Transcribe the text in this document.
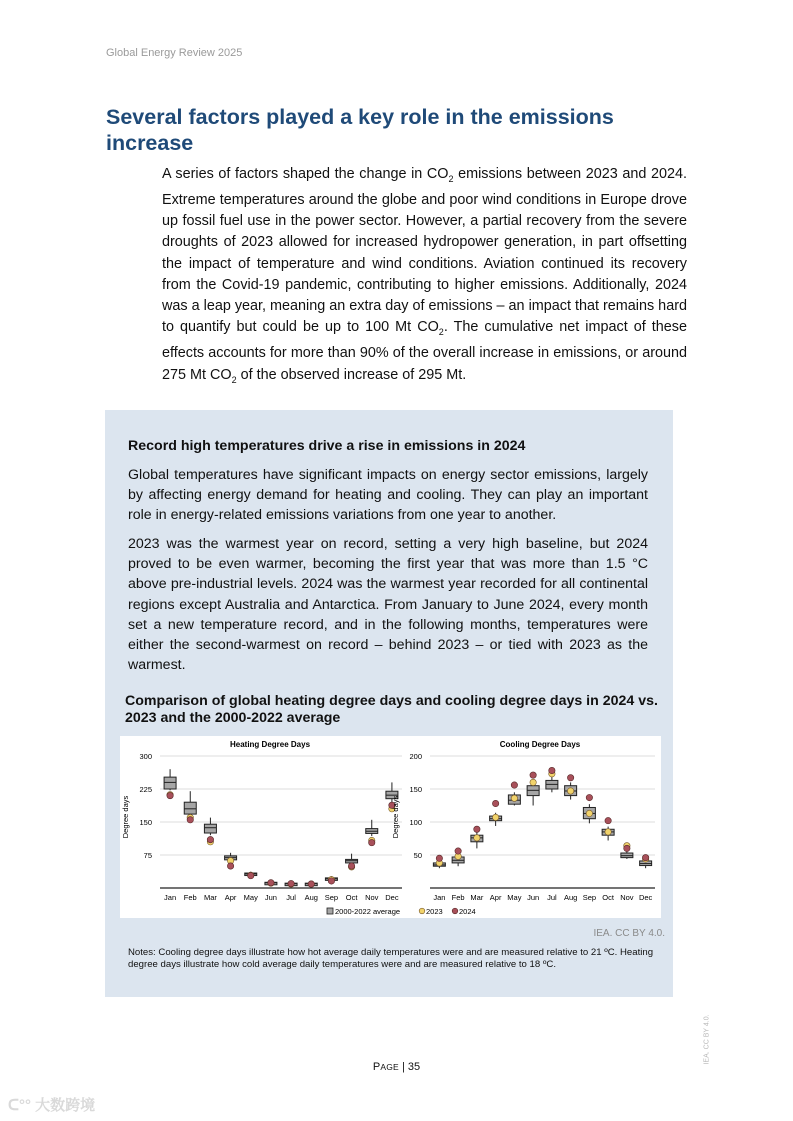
Global Energy Review 2025
Several factors played a key role in the emissions increase

A series of factors shaped the change in $CO_2$ emissions between 2023 and 2024. Extreme temperatures around the globe and poor wind conditions in Europe drove up fossil fuel use in the power sector. However, a partial recovery from the severe droughts of 2023 allowed for increased hydropower generation, in part offsetting the impact of temperature and wind conditions. Aviation continued its recovery from the Covid-19 pandemic, contributing to higher emissions. Additionally, 2024 was a leap year, meaning an extra day of emissions – an impact that remains hard to quantify but could be up to 100 Mt $CO_2$. The cumulative net impact of these effects accounts for more than 90% of the overall increase in emissions, or around 275 Mt $CO_2$ of the observed increase of 295 Mt.

Record high temperatures drive a rise in emissions in 2024

Global temperatures have significant impacts on energy sector emissions, largely by affecting energy demand for heating and cooling. They can play an important role in energy-related emissions variations from one year to another.

2023 was the warmest year on record, setting a very high baseline, but 2024 proved to be even warmer, becoming the first year that was more than 1.5 °C above pre-industrial levels. 2024 was the warmest year recorded for all continental regions except Australia and Antarctica. From January to June 2024, every month set a new temperature record, and in the following months, temperatures were either the second-warmest on record – behind 2023 – or tied with 2023 as the warmest.

Comparison of global heating degree days and cooling degree days in 2024 vs. 2023 and the 2000-2022 average
Heating Degree Days
Degree days
75
150
225
300
Jan Feb Mar Apr May Jun Jul Aug Sep Oct Nov Dec
Cooling Degree Days
Degree days
50
100
150
200
Jan Feb Mar Apr May Jun Jul Aug Sep Oct Nov Dec
2000-2022 average	2023 2024
IEA. CC BY 4.0.

Notes: Cooling degree days illustrate how hot average daily temperatures were and are measured relative to 21 ºC. Heating degree days illustrate how cold average daily temperatures were and are measured relative to 18 ºC.

PAGE | 35
IEA. CC BY 4.0.
ᑕ°° 大数跨境
